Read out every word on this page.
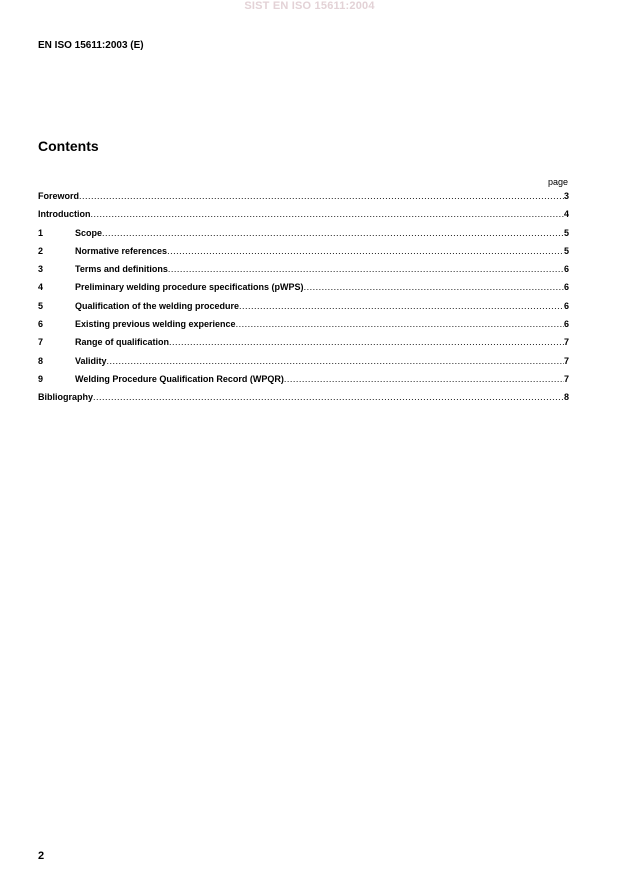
SIST EN ISO 15611:2004
EN ISO 15611:2003 (E)
Contents
page
Foreword .....	3
Introduction .....	4
1	Scope .....	5
2	Normative references .....	5
3	Terms and definitions .....	6
4	Preliminary welding procedure specifications (pWPS) .....	6
5	Qualification of the welding procedure .....	6
6	Existing previous welding experience .....	6
7	Range of qualification .....	7
8	Validity .....	7
9	Welding Procedure Qualification Record (WPQR) .....	7
Bibliography .....	8
2
